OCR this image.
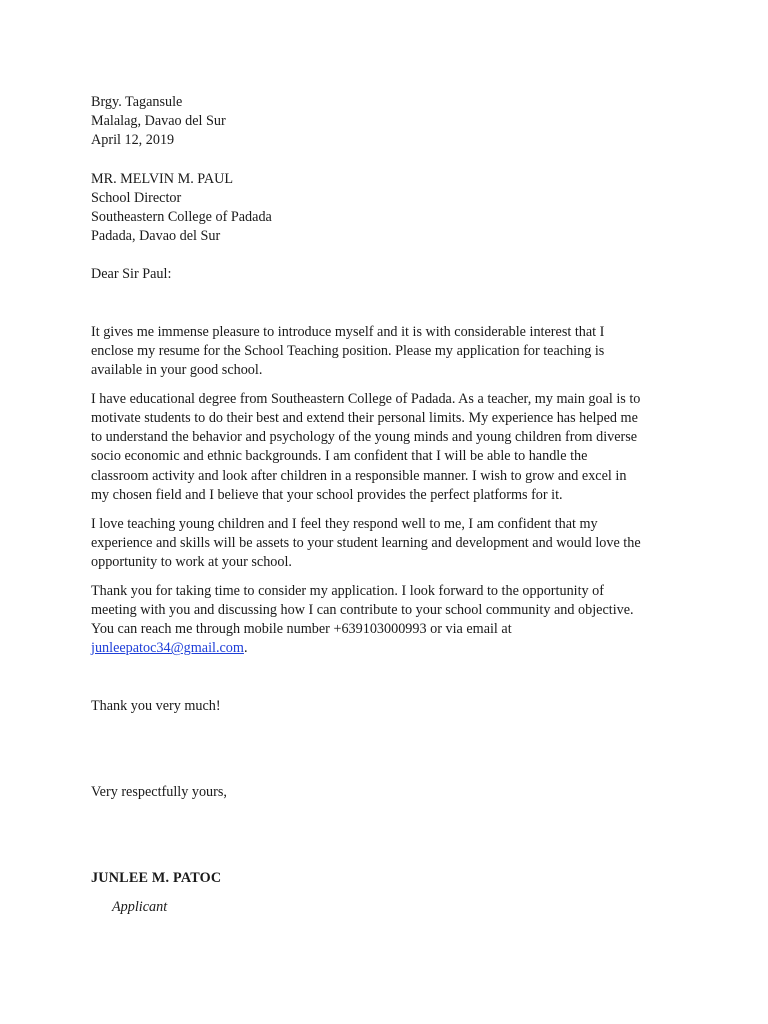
Brgy. Tagansule
Malalag, Davao del Sur
April 12, 2019
MR. MELVIN M. PAUL
School Director
Southeastern College of Padada
Padada, Davao del Sur
Dear Sir Paul:
It gives me immense pleasure to introduce myself and it is with considerable interest that I
enclose my resume for the School Teaching position. Please my application for teaching is
available in your good school.
I have educational degree from Southeastern College of Padada. As a teacher, my main goal is to
motivate students to do their best and extend their personal limits. My experience has helped me
to understand the behavior and psychology of the young minds and young children from diverse
socio economic and ethnic backgrounds. I am confident that I will be able to handle the
classroom activity and look after children in a responsible manner. I wish to grow and excel in
my chosen field and I believe that your school provides the perfect platforms for it.
I love teaching young children and I feel they respond well to me, I am confident that my
experience and skills will be assets to your student learning and development and would love the
opportunity to work at your school.
Thank you for taking time to consider my application. I look forward to the opportunity of
meeting with you and discussing how I can contribute to your school community and objective.
You can reach me through mobile number +639103000993 or via email at
junleepatoc34@gmail.com.
Thank you very much!
Very respectfully yours,
JUNLEE M. PATOC
Applicant
